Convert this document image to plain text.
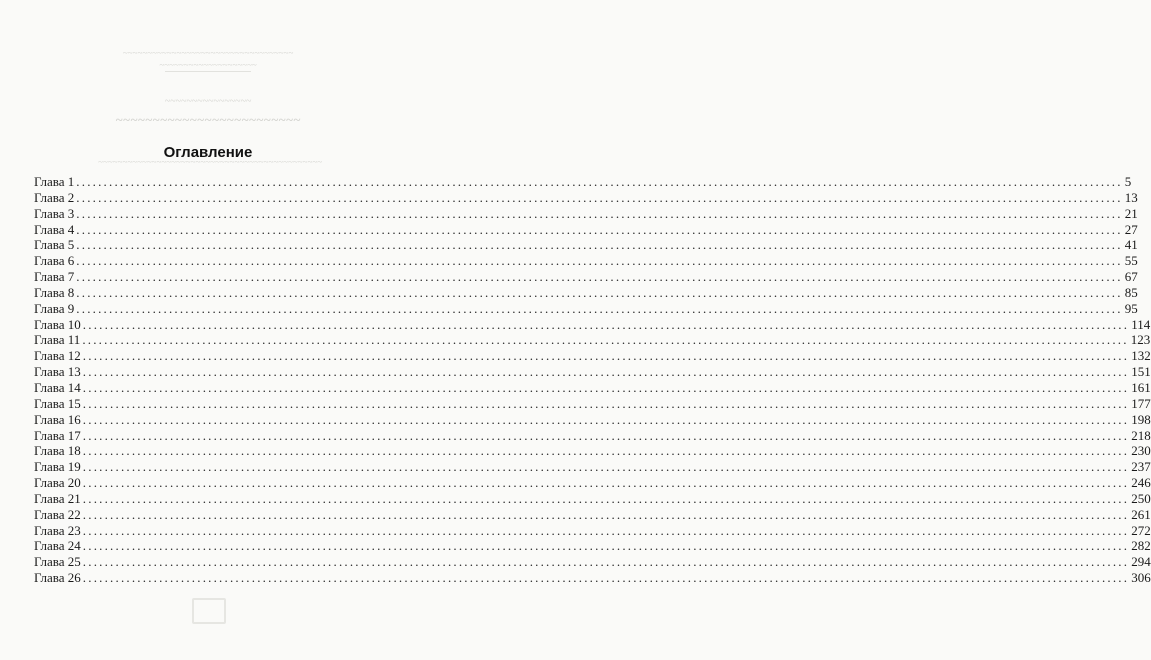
~~~~~~~~~~~~~~~~~~~~~~~~~~~~~~~~~~~
~~~~~~~~~~~~~~~~~~~~
~~~~~~~~~~~~~~~~
~~~~~~~~~~~~~~~~~~~~~~~~~
~~~~~~~~~~~~~~~~~~~~~~~~~~~~~~~~~~~~~~~~~~~~~~
Оглавление
Глава 1 ................................................................................................................................................................................................ 5
Глава 2 ................................................................................................................................................................................................ 13
Глава 3 ................................................................................................................................................................................................ 21
Глава 4 ................................................................................................................................................................................................ 27
Глава 5 ................................................................................................................................................................................................ 41
Глава 6 ................................................................................................................................................................................................ 55
Глава 7 ................................................................................................................................................................................................ 67
Глава 8 ................................................................................................................................................................................................ 85
Глава 9 ................................................................................................................................................................................................ 95
Глава 10 ................................................................................................................................................................................................ 114
Глава 11 ................................................................................................................................................................................................ 123
Глава 12 ................................................................................................................................................................................................ 132
Глава 13 ................................................................................................................................................................................................ 151
Глава 14 ................................................................................................................................................................................................ 161
Глава 15 ................................................................................................................................................................................................ 177
Глава 16 ................................................................................................................................................................................................ 198
Глава 17 ................................................................................................................................................................................................ 218
Глава 18 ................................................................................................................................................................................................ 230
Глава 19 ................................................................................................................................................................................................ 237
Глава 20 ................................................................................................................................................................................................ 246
Глава 21 ................................................................................................................................................................................................ 250
Глава 22 ................................................................................................................................................................................................ 261
Глава 23 ................................................................................................................................................................................................ 272
Глава 24 ................................................................................................................................................................................................ 282
Глава 25 ................................................................................................................................................................................................ 294
Глава 26 ................................................................................................................................................................................................ 306
